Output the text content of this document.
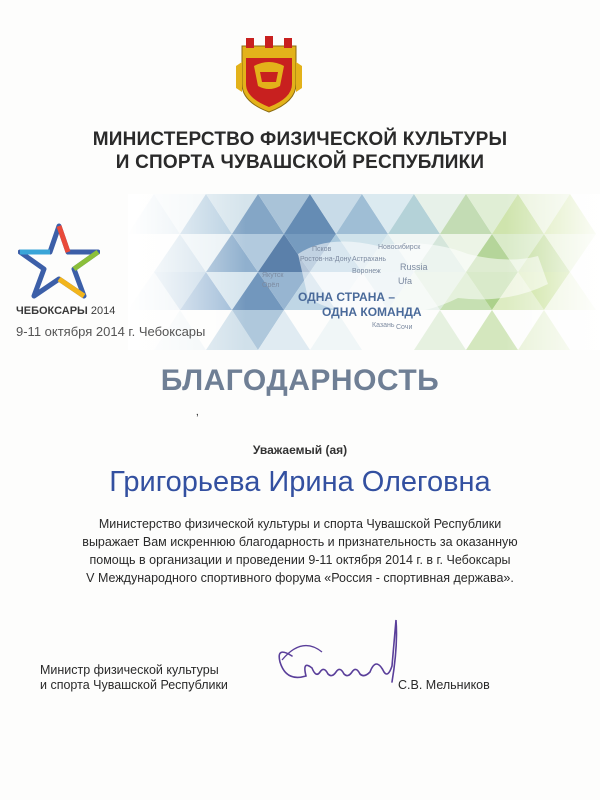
МИНИСТЕРСТВО ФИЗИЧЕСКОЙ КУЛЬТУРЫ
И СПОРТА ЧУВАШСКОЙ РЕСПУБЛИКИ
Новосибирск
Russia
Ufa
Псков
Ростов-на-Дону Астрахань
Якутск
Воронеж
Орёл
Сочи
Казань
ОДНА СТРАНА –
ОДНА КОМАНДА
ЧЕБОКСАРЫ 2014
9-11 октября 2014 г. Чебоксары
БЛАГОДАРНОСТЬ
‚
Уважаемый (ая)
Григорьева Ирина Олеговна
Министерство физической культуры и спорта Чувашской Республики
выражает Вам искреннюю благодарность и признательность за оказанную
помощь в организации и проведении 9-11 октября 2014 г. в г. Чебоксары
V Международного спортивного форума «Россия - спортивная держава».
Министр физической культуры
и спорта Чувашской Республики	С.В. Мельников
